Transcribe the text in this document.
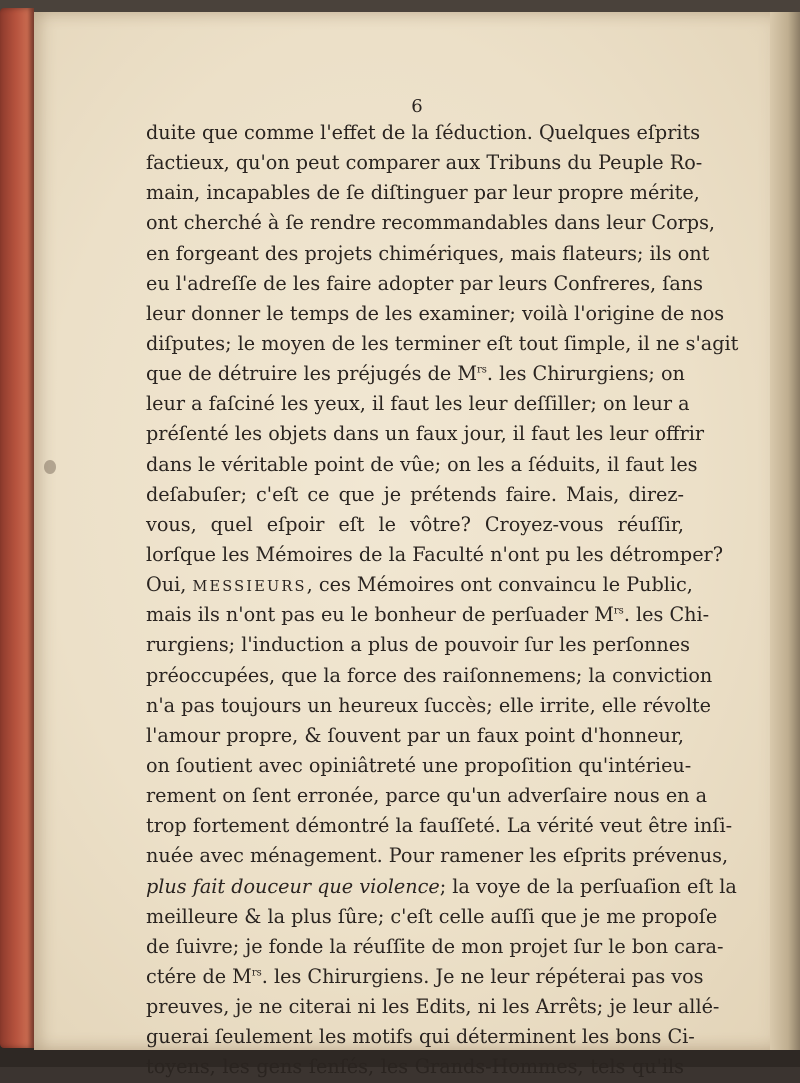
6
duite que comme l'effet de la ſéduction. Quelques eſprits
factieux, qu'on peut comparer aux Tribuns du Peuple Ro-
main, incapables de ſe diſtinguer par leur propre mérite,
ont cherché à ſe rendre recommandables dans leur Corps,
en forgeant des projets chimériques, mais flateurs; ils ont
eu l'adreſſe de les faire adopter par leurs Confreres, ſans
leur donner le temps de les examiner; voilà l'origine de nos
diſputes; le moyen de les terminer eſt tout ſimple, il ne s'agit
que de détruire les préjugés de $M^{rs}$. les Chirurgiens; on
leur a faſciné les yeux, il faut les leur deſſiller; on leur a
préſenté les objets dans un faux jour, il faut les leur offrir
dans le véritable point de vûe; on les a ſéduits, il faut les
deſabuſer; c'eſt ce que je prétends faire. Mais, direz-
vous, quel eſpoir eſt le vôtre? Croyez-vous réuſſir,
lorſque les Mémoires de la Faculté n'ont pu les détromper?
Oui, MESSIEURS, ces Mémoires ont convaincu le Public,
mais ils n'ont pas eu le bonheur de perſuader $M^{rs}$. les Chi-
rurgiens; l'induction a plus de pouvoir ſur les perſonnes
préoccupées, que la force des raiſonnemens; la conviction
n'a pas toujours un heureux ſuccès; elle irrite, elle révolte
l'amour propre, & ſouvent par un faux point d'honneur,
on ſoutient avec opiniâtreté une propoſition qu'intérieu-
rement on ſent erronée, parce qu'un adverſaire nous en a
trop fortement démontré la fauſſeté. La vérité veut être inſi-
nuée avec ménagement. Pour ramener les eſprits prévenus,
plus fait douceur que violence; la voye de la perſuaſion eſt la
meilleure & la plus ſûre; c'eſt celle auſſi que je me propoſe
de ſuivre; je fonde la réuſſite de mon projet ſur le bon cara-
ctére de $M^{rs}$. les Chirurgiens. Je ne leur répéterai pas vos
preuves, je ne citerai ni les Edits, ni les Arrêts; je leur allé-
guerai ſeulement les motifs qui déterminent les bons Ci-
toyens, les gens ſenſés, les Grands-Hommes, tels qu'ils
